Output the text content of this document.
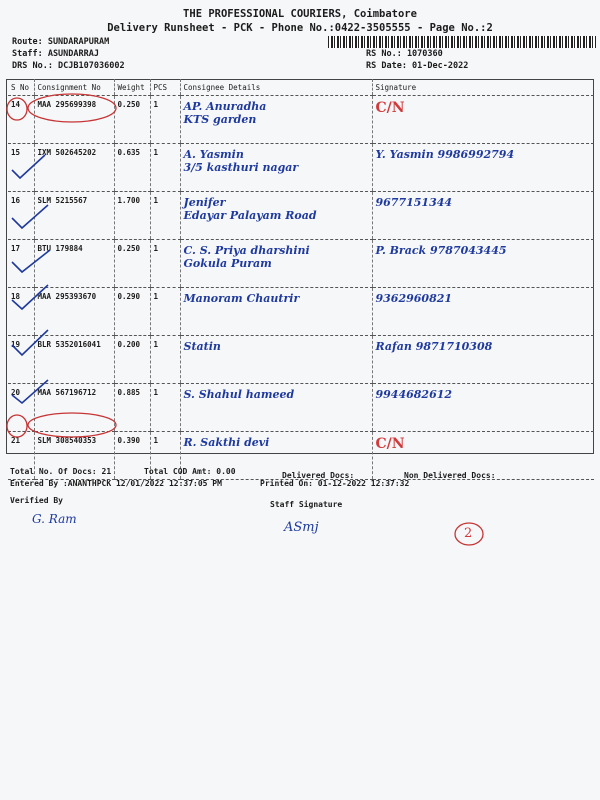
THE PROFESSIONAL COURIERS, Coimbatore
Delivery Runsheet - PCK - Phone No.:0422-3505555 - Page No.:2
Route: SUNDARAPURAM
Staff: ASUNDARRAJ
DRS No.: DCJB107036002
RS No.: 1070360
RS Date: 01-Dec-2022
S No	Consignment No	Weight	PCS	Consignee Details	Signature
14	MAA 295699398	0.250	1	AP. Anuradha
KTS garden	C/N
15	IXM 502645202	0.635	1	A. Yasmin
3/5 kasthuri nagar	Y. Yasmin 9986992794
16	SLM 5215567	1.700	1	Jenifer
Edayar Palayam Road	9677151344
17	BTU 179884	0.250	1	C. S. Priya dharshini
Gokula Puram	P. Brack 9787043445
18	MAA 295393670	0.290	1	Manoram Chautrir	9362960821
19	BLR 5352016041	0.200	1	Statin	Rafan 9871710308
20	MAA 567196712	0.885	1	S. Shahul hameed	9944682612
21	SLM 308540353	0.390	1	R. Sakthi devi	C/N
Total No. Of Docs: 21	Total COD Amt: 0.00	Delivered Docs:	Non Delivered Docs:
Entered By :ANANTHPCK 12/01/2022 12:37:05 PM	Printed On: 01-12-2022 12:37:32
Verified By	Staff Signature
G. Ram
ASmj	2
